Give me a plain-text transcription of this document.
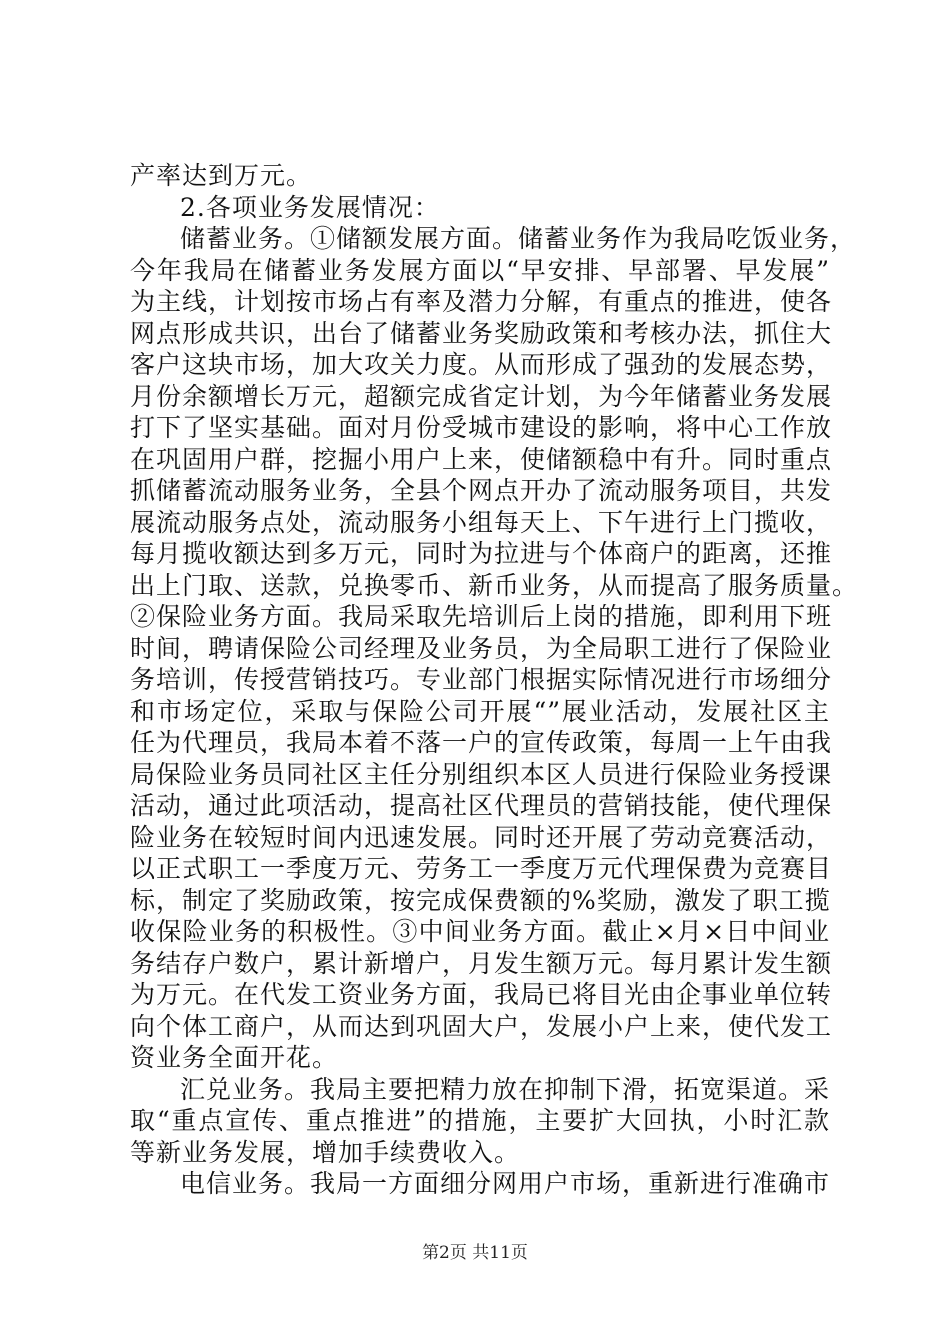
产率达到万元。
2.各项业务发展情况：
储蓄业务。①储额发展方面。储蓄业务作为我局吃饭业务，
今年我局在储蓄业务发展方面以“早安排、早部署、早发展”
为主线，计划按市场占有率及潜力分解，有重点的推进，使各
网点形成共识，出台了储蓄业务奖励政策和考核办法，抓住大
客户这块市场，加大攻关力度。从而形成了强劲的发展态势，
月份余额增长万元，超额完成省定计划，为今年储蓄业务发展
打下了坚实基础。面对月份受城市建设的影响，将中心工作放
在巩固用户群，挖掘小用户上来，使储额稳中有升。同时重点
抓储蓄流动服务业务，全县个网点开办了流动服务项目，共发
展流动服务点处，流动服务小组每天上、下午进行上门揽收，
每月揽收额达到多万元，同时为拉进与个体商户的距离，还推
出上门取、送款，兑换零币、新币业务，从而提高了服务质量。
②保险业务方面。我局采取先培训后上岗的措施，即利用下班
时间，聘请保险公司经理及业务员，为全局职工进行了保险业
务培训，传授营销技巧。专业部门根据实际情况进行市场细分
和市场定位，采取与保险公司开展“”展业活动，发展社区主
任为代理员，我局本着不落一户的宣传政策，每周一上午由我
局保险业务员同社区主任分别组织本区人员进行保险业务授课
活动，通过此项活动，提高社区代理员的营销技能，使代理保
险业务在较短时间内迅速发展。同时还开展了劳动竞赛活动，
以正式职工一季度万元、劳务工一季度万元代理保费为竞赛目
标，制定了奖励政策，按完成保费额的%奖励，激发了职工揽
收保险业务的积极性。③中间业务方面。截止×月×日中间业
务结存户数户，累计新增户，月发生额万元。每月累计发生额
为万元。在代发工资业务方面，我局已将目光由企事业单位转
向个体工商户，从而达到巩固大户，发展小户上来，使代发工
资业务全面开花。
汇兑业务。我局主要把精力放在抑制下滑，拓宽渠道。采
取“重点宣传、重点推进”的措施，主要扩大回执，小时汇款
等新业务发展，增加手续费收入。
电信业务。我局一方面细分网用户市场，重新进行准确市
第2页 共11页
